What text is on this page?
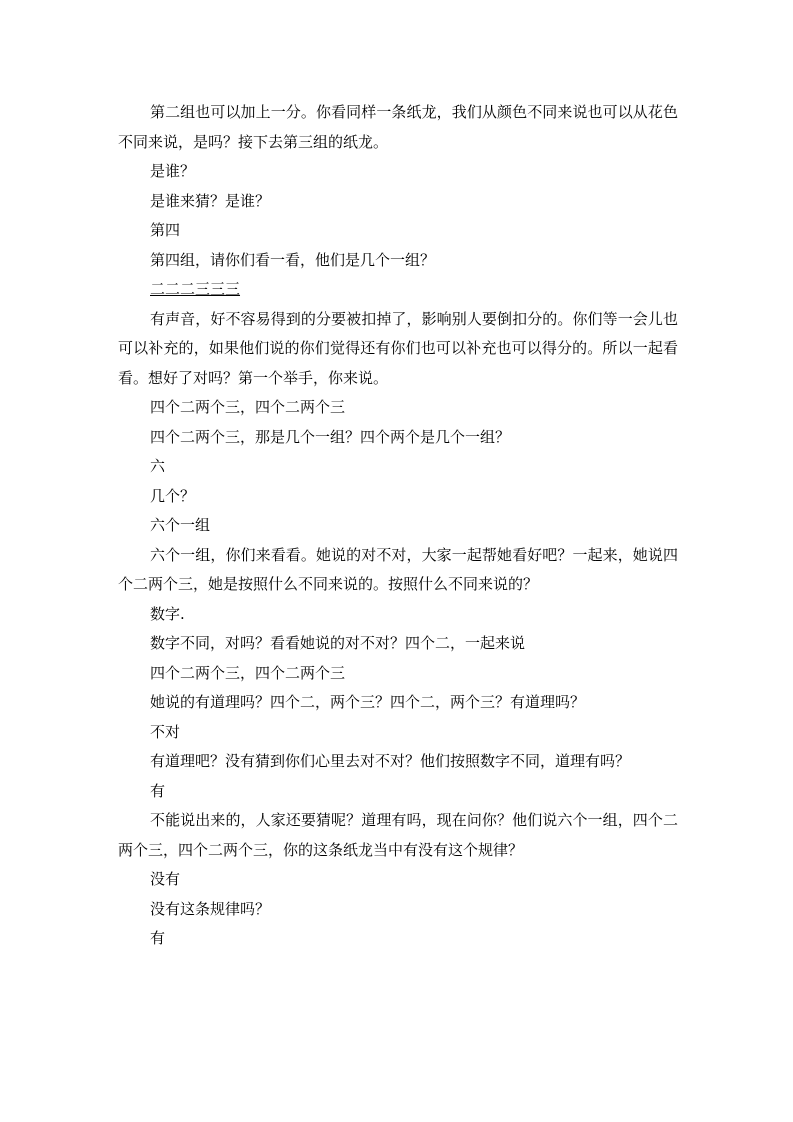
第二组也可以加上一分。你看同样一条纸龙，我们从颜色不同来说也可以从花色不同来说，是吗？接下去第三组的纸龙。

是谁？

是谁来猜？是谁？

第四

第四组，请你们看一看，他们是几个一组？

二二二三三三

有声音，好不容易得到的分要被扣掉了，影响别人要倒扣分的。你们等一会儿也可以补充的，如果他们说的你们觉得还有你们也可以补充也可以得分的。所以一起看看。想好了对吗？第一个举手，你来说。

四个二两个三，四个二两个三

四个二两个三，那是几个一组？四个两个是几个一组？

六

几个？

六个一组

六个一组，你们来看看。她说的对不对，大家一起帮她看好吧？一起来，她说四个二两个三，她是按照什么不同来说的。按照什么不同来说的？

数字.

数字不同，对吗？看看她说的对不对？四个二，一起来说

四个二两个三，四个二两个三

她说的有道理吗？四个二，两个三？四个二，两个三？有道理吗？

不对

有道理吧？没有猜到你们心里去对不对？他们按照数字不同，道理有吗？

有

不能说出来的，人家还要猜呢？道理有吗，现在问你？他们说六个一组，四个二两个三，四个二两个三，你的这条纸龙当中有没有这个规律？

没有

没有这条规律吗？

有
